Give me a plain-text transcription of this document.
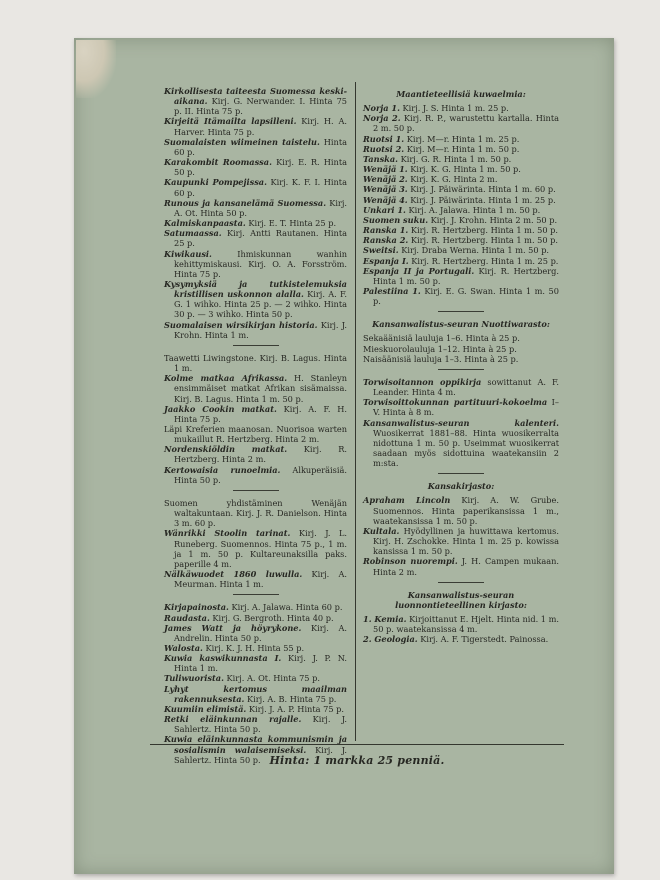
Kirkollisesta taiteesta Suomessa keski-aikana. Kirj. G. Nerwander. I. Hinta 75 p. II. Hinta 75 p.

Kirjeitä Itämailta lapsilleni. Kirj. H. A. Harver. Hinta 75 p.

Suomalaisten wiimeinen taistelu. Hinta 60 p.

Karakombit Roomassa. Kirj. E. R. Hinta 50 p.

Kaupunki Pompejissa. Kirj. K. F. I. Hinta 60 p.

Runous ja kansanelämä Suomessa. Kirj. A. Ot. Hinta 50 p.

Kalmiskanpaasta. Kirj. E. T. Hinta 25 p.

Satumaassa. Kirj. Antti Rautanen. Hinta 25 p.

Kiwikausi. Ihmiskunnan wanhin kehittymiskausi. Kirj. O. A. Forsström. Hinta 75 p.

Kysymyksiä ja tutkistelemuksia kristillisen uskonnon alalla. Kirj. A. F. G. 1 wihko. Hinta 25 p. — 2 wihko. Hinta 30 p. — 3 wihko. Hinta 50 p.

Suomalaisen wirsikirjan historia. Kirj. J. Krohn. Hinta 1 m.

Taawetti Liwingstone. Kirj. B. Lagus. Hinta 1 m.

Kolme matkaa Afrikassa. H. Stanleyn ensimmäiset matkat Afrikan sisämaissa. Kirj. B. Lagus. Hinta 1 m. 50 p.

Jaakko Cookin matkat. Kirj. A. F. H. Hinta 75 p.

Läpi Kreferien maanosan. Nuorisoa warten mukaillut R. Hertzberg. Hinta 2 m.

Nordenskiöldin matkat. Kirj. R. Hertzberg. Hinta 2 m.

Kertowaisia runoelmia. Alkuperäisiä. Hinta 50 p.

Suomen yhdistäminen Wenäjän waltakuntaan. Kirj. J. R. Danielson. Hinta 3 m. 60 p.

Wänrikki Stoolin tarinat. Kirj. J. L. Runeberg. Suomennos. Hinta 75 p., 1 m. ja 1 m. 50 p. Kultareunaksilla paks. paperille 4 m.

Nälkäwuodet 1860 luwulla. Kirj. A. Meurman. Hinta 1 m.

Kirjapainosta. Kirj. A. Jalawa. Hinta 60 p.

Raudasta. Kirj. G. Bergroth. Hinta 40 p.

James Watt ja höyrykone. Kirj. A. Andrelin. Hinta 50 p.

Walosta. Kirj. K. J. H. Hinta 55 p.

Kuwia kaswikunnasta I. Kirj. J. P. N. Hinta 1 m.

Tuliwuorista. Kirj. A. Ot. Hinta 75 p.

Lyhyt kertomus maailman rakennuksesta. Kirj. A. B. Hinta 75 p.

Kuumiin elimistä. Kirj. J. A. P. Hinta 75 p.

Retki eläinkunnan rajalle. Kirj. J. Sahlertz. Hinta 50 p.

Kuwia eläinkunnasta kommunismin ja sosialismin walaisemiseksi. Kirj. J. Sahlertz. Hinta 50 p.

Maantieteellisiä kuwaelmia:

Norja 1. Kirj. J. S. Hinta 1 m. 25 p.

Norja 2. Kirj. R. P., warustettu kartalla. Hinta 2 m. 50 p.

Ruotsi 1. Kirj. M—r. Hinta 1 m. 25 p.

Ruotsi 2. Kirj. M—r. Hinta 1 m. 50 p.

Tanska. Kirj. G. R. Hinta 1 m. 50 p.

Wenäjä 1. Kirj. K. G. Hinta 1 m. 50 p.

Wenäjä 2. Kirj. K. G. Hinta 2 m.

Wenäjä 3. Kirj. J. Päiwärinta. Hinta 1 m. 60 p.

Wenäjä 4. Kirj. J. Päiwärinta. Hinta 1 m. 25 p.

Unkari 1. Kirj. A. Jalawa. Hinta 1 m. 50 p.

Suomen suku. Kirj. J. Krohn. Hinta 2 m. 50 p.

Ranska 1. Kirj. R. Hertzberg. Hinta 1 m. 50 p.

Ranska 2. Kirj. R. Hertzberg. Hinta 1 m. 50 p.

Sweitsi. Kirj. Draba Werna. Hinta 1 m. 50 p.

Espanja I. Kirj. R. Hertzberg. Hinta 1 m. 25 p.

Espanja II ja Portugali. Kirj. R. Hertzberg. Hinta 1 m. 50 p.

Palestiina 1. Kirj. E. G. Swan. Hinta 1 m. 50 p.

Kansanwalistus-seuran Nuottiwarasto:

Sekaäänisiä lauluja 1–6. Hinta à 25 p.

Mieskuorolauluja 1–12. Hinta à 25 p.

Naisäänisiä lauluja 1–3. Hinta à 25 p.

Torwisoitannon oppikirja sowittanut A. F. Leander. Hinta 4 m.

Torwisoittokunnan partituuri-kokoelma I–V. Hinta à 8 m.

Kansanwalistus-seuran kalenteri. Wuosikerrat 1881–88. Hinta wuosikerralta nidottuna 1 m. 50 p. Useimmat wuosikerrat saadaan myös sidottuina waatekansiin 2 m:sta.

Kansakirjasto:

Apraham Lincoln Kirj. A. W. Grube. Suomennos. Hinta paperikansissa 1 m., waatekansissa 1 m. 50 p.

Kultala. Hyödyllinen ja huwittawa kertomus. Kirj. H. Zschokke. Hinta 1 m. 25 p. kowissa kansissa 1 m. 50 p.

Robinson nuorempi. J. H. Campen mukaan. Hinta 2 m.

Kansanwalistus-seuran luonnontieteellinen kirjasto:

1. Kemia. Kirjoittanut E. Hjelt. Hinta nid. 1 m. 50 p. waatekansissa 4 m.

2. Geologia. Kirj. A. F. Tigerstedt. Painossa.

Hinta: 1 markka 25 penniä.
